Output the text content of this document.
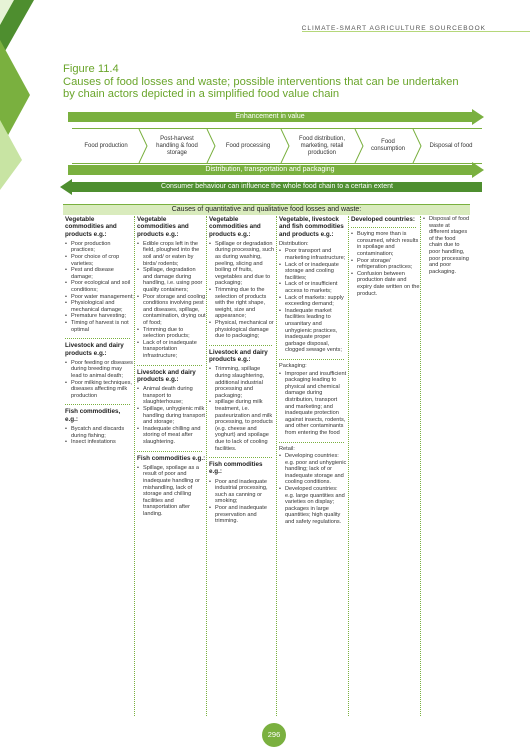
CLIMATE-SMART AGRICULTURE SOURCEBOOK
Figure 11.4
Causes of food losses and waste; possible interventions that can be undertaken
by chain actors depicted in a simplified food value chain
Enhancement in value
Food production
Post-harvest handling & food storage
Food processing
Food distribution, marketing, retail production
Food consumption
Disposal of food
Distribution, transportation and packaging
Consumer behaviour can influence the whole food chain to a certain extent
Causes of quantitative and qualitative food losses and waste:
Vegetable commodities and products e.g.:
• Poor production practices;
• Poor choice of crop varieties;
• Pest and disease damage;
• Poor ecological and soil conditions;
• Poor water management;
• Physiological and mechanical damage;
• Premature harvesting;
• Timing of harvest is not optimal
Livestock and dairy products e.g.:
• Poor feeding or diseases during breeding may lead to animal death;
• Poor milking techniques, diseases affecting milk production
Fish commodities, e.g.:
• Bycatch and discards during fishing;
• Insect infestations
Vegetable commodities and products e.g.:
• Edible crops left in the field, ploughed into the soil and/ or eaten by birds/ rodents;
• Spillage, degradation and damage during handling, i.e. using poor quality containers;
• Poor storage and cooling conditions involving pest and diseases, spillage, contamination, drying out of food;
• Trimming due to selection products;
• Lack of or inadequate transportation infrastructure;
Livestock and dairy products e.g.:
• Animal death during transport to slaughterhouse;
• Spillage, unhygienic milk handling during transport and storage;
• Inadequate chilling and storing of meat after slaughtering.
Fish commodities e.g.:
• Spillage, spoilage as a result of poor and inadequate handling or mishandling, lack of storage and chilling facilities and transportation after landing.
Vegetable commodities and products e.g.:
• Spillage or degradation during processing, such as during washing, peeling, slicing and boiling of fruits, vegetables and due to packaging;
• Trimming due to the selection of products with the right shape, weight, size and appearance;
• Physical, mechanical or physiological damage due to packaging;
Livestock and dairy products e.g.:
• Trimming, spillage during slaughtering, additional industrial processing and packaging;
• spillage during milk treatment, i.e. pasteurization and milk processing, to products (e.g. cheese and yoghurt) and spoilage due to lack of cooling facilities.
Fish commodities e.g.:
• Poor and inadequate industrial processing, such as canning or smoking;
• Poor and inadequate preservation and trimming.
Vegetable, livestock and fish commodities and products e.g.:

Distribution:

• Poor transport and marketing infrastructure;
• Lack of or inadequate storage and cooling facilities;
• Lack of or insufficient access to markets;
• Lack of markets: supply exceeding demand;
• Inadequate market facilities leading to unsanitary and unhygienic practices, inadequate proper garbage disposal, clogged sewage vents;

Packaging:

• Improper and insufficient packaging leading to physical and chemical damage during distribution, transport and marketing; and inadequate protection against insects, rodents, and other contaminants from entering the food

Retail:

• Developing countries: e.g. poor and unhygienic handling; lack of or inadequate storage and cooling conditions.
• Developed countries: e.g. large quantities and varieties on display; packages in large quantities; high quality and safety regulations.
Developed countries:
• Buying more than is consumed, which results in spoilage and contamination;
• Poor storage/ refrigeration practices;
• Confusion between production date and expiry date written on the product.
• Disposal of food waste at different stages of the food chain due to poor handling, poor processing and poor packaging.
296
